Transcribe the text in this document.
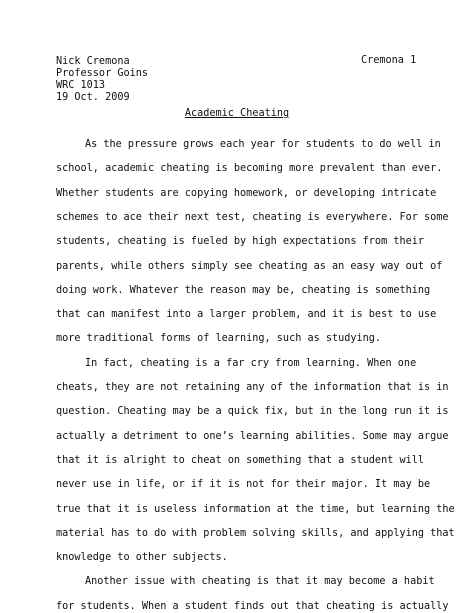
Nick Cremona
Professor Goins
WRC 1013
Cremona 1
19 Oct. 2009
Academic Cheating
As the pressure grows each year for students to do well in
school, academic cheating is becoming more prevalent than ever.
Whether students are copying homework, or developing intricate
schemes to ace their next test, cheating is everywhere. For some
students, cheating is fueled by high expectations from their
parents, while others simply see cheating as an easy way out of
doing work. Whatever the reason may be, cheating is something
that can manifest into a larger problem, and it is best to use
more traditional forms of learning, such as studying.
In fact, cheating is a far cry from learning. When one
cheats, they are not retaining any of the information that is in
question. Cheating may be a quick fix, but in the long run it is
actually a detriment to one’s learning abilities. Some may argue
that it is alright to cheat on something that a student will
never use in life, or if it is not for their major. It may be
true that it is useless information at the time, but learning the
material has to do with problem solving skills, and applying that
knowledge to other subjects.
Another issue with cheating is that it may become a habit
for students. When a student finds out that cheating is actually
